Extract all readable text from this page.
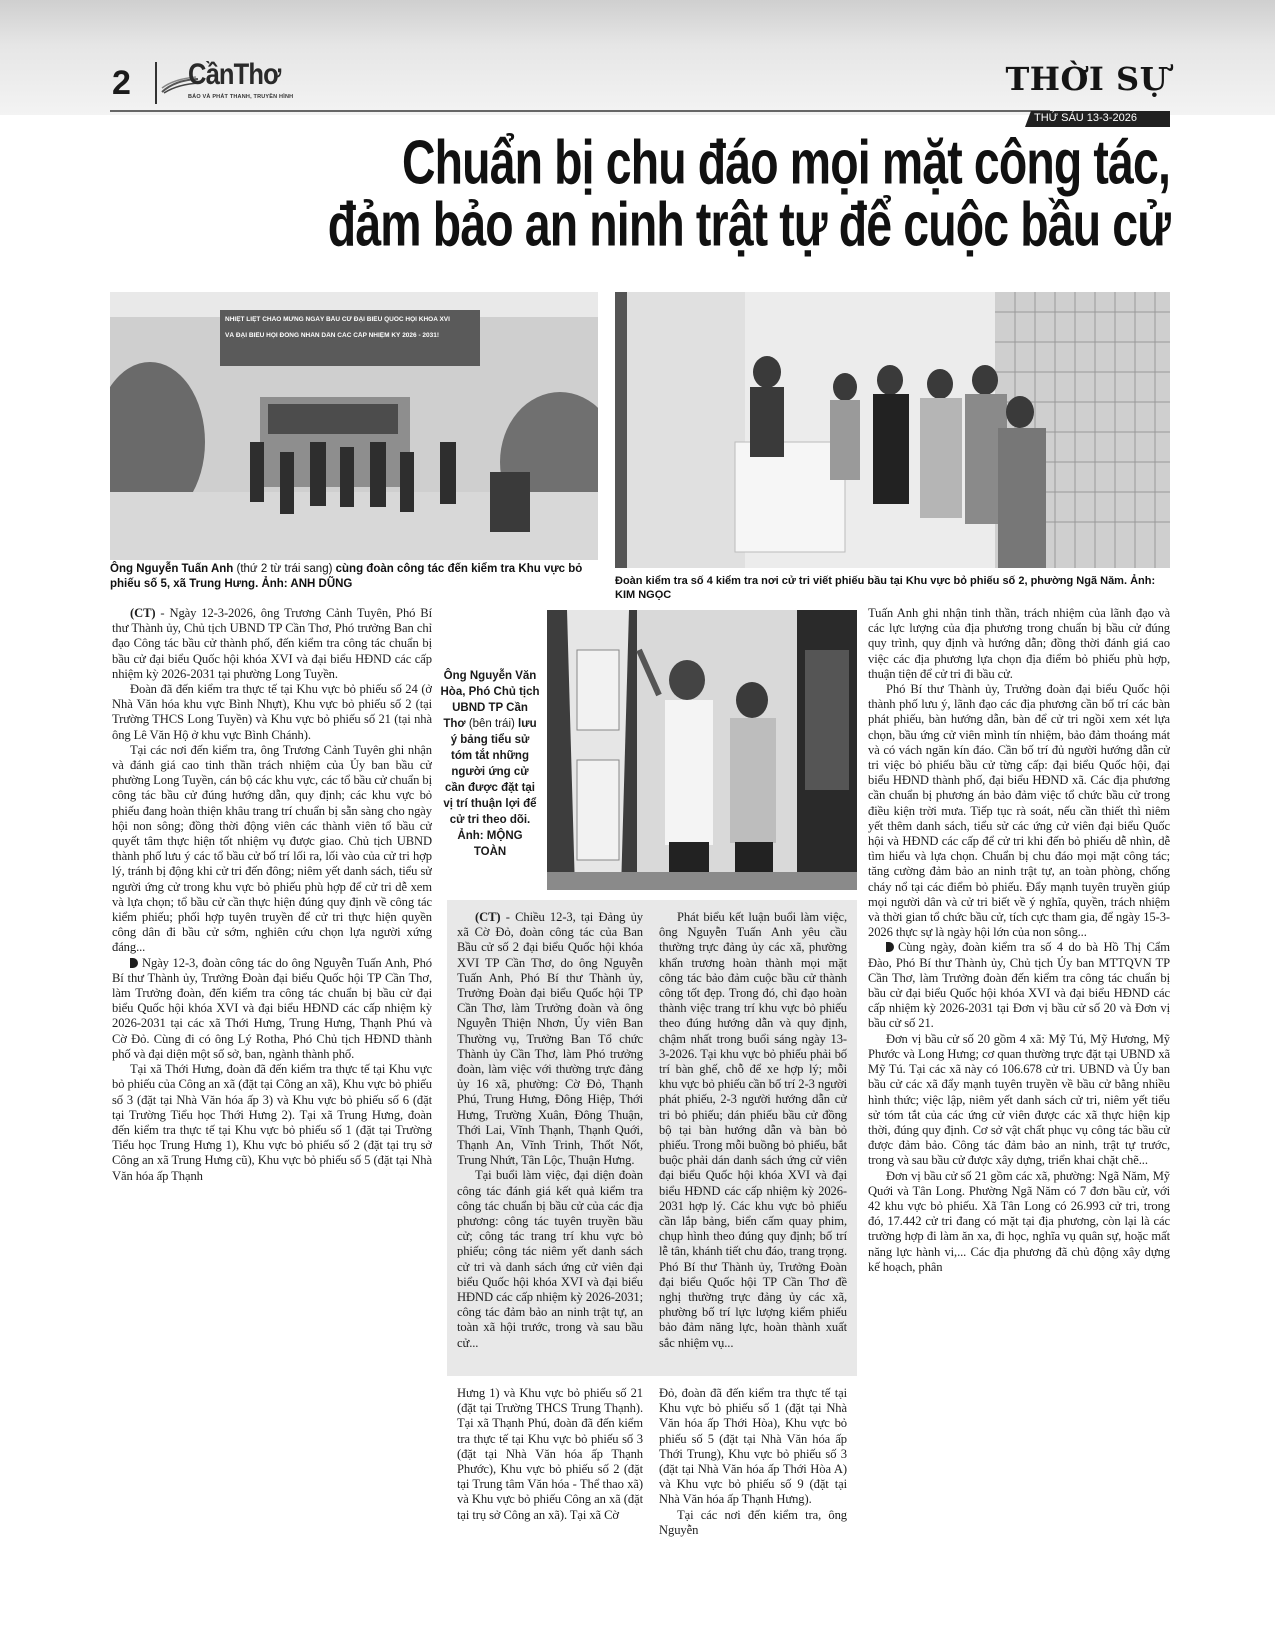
2 CầnThơ
BÁO VÀ PHÁT THANH, TRUYỀN HÌNH	THỜI SỰ
THỨ SÁU 13-3-2026
Chuẩn bị chu đáo mọi mặt công tác,
đảm bảo an ninh trật tự để cuộc bầu cử
NHIỆT LIỆT CHÀO MỪNG NGÀY BẦU CỬ ĐẠI BIỂU QUỐC HỘI KHÓA XVI
VÀ ĐẠI BIỂU HỘI ĐỒNG NHÂN DÂN CÁC CẤP NHIỆM KỲ 2026 - 2031!
Ông Nguyễn Tuấn Anh (thứ 2 từ trái sang) cùng đoàn công tác đến kiểm tra Khu vực bỏ phiếu số 5, xã Trung Hưng. Ảnh: ANH DŨNG	Đoàn kiểm tra số 4 kiểm tra nơi cử tri viết phiếu bầu tại Khu vực bỏ phiếu số 2, phường Ngã Năm. Ảnh: KIM NGỌC
Ông Nguyễn Văn Hòa, Phó Chủ tịch UBND TP Cần Thơ (bên trái) lưu ý bảng tiểu sử tóm tắt những người ứng cử cần được đặt tại vị trí thuận lợi để cử tri theo dõi. Ảnh: MỘNG TOÀN

(CT) - Ngày 12-3-2026, ông Trương Cảnh Tuyên, Phó Bí thư Thành ủy, Chủ tịch UBND TP Cần Thơ, Phó trưởng Ban chỉ đạo Công tác bầu cử thành phố, đến kiểm tra công tác chuẩn bị bầu cử đại biểu Quốc hội khóa XVI và đại biểu HĐND các cấp nhiệm kỳ 2026-2031 tại phường Long Tuyền.

Đoàn đã đến kiểm tra thực tế tại Khu vực bỏ phiếu số 24 (ở Nhà Văn hóa khu vực Bình Nhựt), Khu vực bỏ phiếu số 2 (tại Trường THCS Long Tuyền) và Khu vực bỏ phiếu số 21 (tại nhà ông Lê Văn Hộ ở khu vực Bình Chánh).

Tại các nơi đến kiểm tra, ông Trương Cảnh Tuyên ghi nhận và đánh giá cao tinh thần trách nhiệm của Ủy ban bầu cử phường Long Tuyền, cán bộ các khu vực, các tổ bầu cử chuẩn bị công tác bầu cử đúng hướng dẫn, quy định; các khu vực bỏ phiếu đang hoàn thiện khâu trang trí chuẩn bị sẵn sàng cho ngày hội non sông; đồng thời động viên các thành viên tổ bầu cử quyết tâm thực hiện tốt nhiệm vụ được giao. Chủ tịch UBND thành phố lưu ý các tổ bầu cử bố trí lối ra, lối vào của cử tri hợp lý, tránh bị động khi cử tri đến đông; niêm yết danh sách, tiểu sử người ứng cử trong khu vực bỏ phiếu phù hợp để cử tri dễ xem và lựa chọn; tổ bầu cử cần thực hiện đúng quy định về công tác kiểm phiếu; phối hợp tuyên truyền để cử tri thực hiện quyền công dân đi bầu cử sớm, nghiên cứu chọn lựa người xứng đáng...

Ngày 12-3, đoàn công tác do ông Nguyễn Tuấn Anh, Phó Bí thư Thành ủy, Trưởng Đoàn đại biểu Quốc hội TP Cần Thơ, làm Trưởng đoàn, đến kiểm tra công tác chuẩn bị bầu cử đại biểu Quốc hội khóa XVI và đại biểu HĐND các cấp nhiệm kỳ 2026-2031 tại các xã Thới Hưng, Trung Hưng, Thạnh Phú và Cờ Đỏ. Cùng đi có ông Lý Rotha, Phó Chủ tịch HĐND thành phố và đại diện một số sở, ban, ngành thành phố.

Tại xã Thới Hưng, đoàn đã đến kiểm tra thực tế tại Khu vực bỏ phiếu của Công an xã (đặt tại Công an xã), Khu vực bỏ phiếu số 3 (đặt tại Nhà Văn hóa ấp 3) và Khu vực bỏ phiếu số 6 (đặt tại Trường Tiểu học Thới Hưng 2). Tại xã Trung Hưng, đoàn đến kiểm tra thực tế tại Khu vực bỏ phiếu số 1 (đặt tại Trường Tiểu học Trung Hưng 1), Khu vực bỏ phiếu số 2 (đặt tại trụ sở Công an xã Trung Hưng cũ), Khu vực bỏ phiếu số 5 (đặt tại Nhà Văn hóa ấp Thạnh

(CT) - Chiều 12-3, tại Đảng ủy xã Cờ Đỏ, đoàn công tác của Ban Bầu cử số 2 đại biểu Quốc hội khóa XVI TP Cần Thơ, do ông Nguyễn Tuấn Anh, Phó Bí thư Thành ủy, Trưởng Đoàn đại biểu Quốc hội TP Cần Thơ, làm Trưởng đoàn và ông Nguyễn Thiện Nhơn, Ủy viên Ban Thường vụ, Trưởng Ban Tổ chức Thành ủy Cần Thơ, làm Phó trưởng đoàn, làm việc với thường trực đảng ủy 16 xã, phường: Cờ Đỏ, Thạnh Phú, Trung Hưng, Đông Hiệp, Thới Hưng, Trường Xuân, Đông Thuận, Thới Lai, Vĩnh Thạnh, Thạnh Quới, Thạnh An, Vĩnh Trinh, Thốt Nốt, Trung Nhứt, Tân Lộc, Thuận Hưng.

Tại buổi làm việc, đại diện đoàn công tác đánh giá kết quả kiểm tra công tác chuẩn bị bầu cử của các địa phương: công tác tuyên truyền bầu cử; công tác trang trí khu vực bỏ phiếu; công tác niêm yết danh sách cử tri và danh sách ứng cử viên đại biểu Quốc hội khóa XVI và đại biểu HĐND các cấp nhiệm kỳ 2026-2031; công tác đảm bảo an ninh trật tự, an toàn xã hội trước, trong và sau bầu cử...

Phát biểu kết luận buổi làm việc, ông Nguyễn Tuấn Anh yêu cầu thường trực đảng ủy các xã, phường khẩn trương hoàn thành mọi mặt công tác bảo đảm cuộc bầu cử thành công tốt đẹp. Trong đó, chỉ đạo hoàn thành việc trang trí khu vực bỏ phiếu theo đúng hướng dẫn và quy định, chậm nhất trong buổi sáng ngày 13-3-2026. Tại khu vực bỏ phiếu phải bố trí bàn ghế, chỗ để xe hợp lý; mỗi khu vực bỏ phiếu cần bố trí 2-3 người phát phiếu, 2-3 người hướng dẫn cử tri bỏ phiếu; dán phiếu bầu cử đồng bộ tại bàn hướng dẫn và bàn bỏ phiếu. Trong mỗi buồng bỏ phiếu, bắt buộc phải dán danh sách ứng cử viên đại biểu Quốc hội khóa XVI và đại biểu HĐND các cấp nhiệm kỳ 2026-2031 hợp lý. Các khu vực bỏ phiếu cần lắp bảng, biển cấm quay phim, chụp hình theo đúng quy định; bố trí lễ tân, khánh tiết chu đáo, trang trọng. Phó Bí thư Thành ủy, Trưởng Đoàn đại biểu Quốc hội TP Cần Thơ đề nghị thường trực đảng ủy các xã, phường bố trí lực lượng kiểm phiếu bảo đảm năng lực, hoàn thành xuất sắc nhiệm vụ...

Hưng 1) và Khu vực bỏ phiếu số 21 (đặt tại Trường THCS Trung Thạnh). Tại xã Thạnh Phú, đoàn đã đến kiểm tra thực tế tại Khu vực bỏ phiếu số 3 (đặt tại Nhà Văn hóa ấp Thạnh Phước), Khu vực bỏ phiếu số 2 (đặt tại Trung tâm Văn hóa - Thể thao xã) và Khu vực bỏ phiếu Công an xã (đặt tại trụ sở Công an xã). Tại xã Cờ
Đỏ, đoàn đã đến kiểm tra thực tế tại Khu vực bỏ phiếu số 1 (đặt tại Nhà Văn hóa ấp Thới Hòa), Khu vực bỏ phiếu số 5 (đặt tại Nhà Văn hóa ấp Thới Trung), Khu vực bỏ phiếu số 3 (đặt tại Nhà Văn hóa ấp Thới Hòa A) và Khu vực bỏ phiếu số 9 (đặt tại Nhà Văn hóa ấp Thạnh Hưng).

Tại các nơi đến kiểm tra, ông Nguyễn

Tuấn Anh ghi nhận tinh thần, trách nhiệm của lãnh đạo và các lực lượng của địa phương trong chuẩn bị bầu cử đúng quy trình, quy định và hướng dẫn; đồng thời đánh giá cao việc các địa phương lựa chọn địa điểm bỏ phiếu phù hợp, thuận tiện để cử tri đi bầu cử.

Phó Bí thư Thành ủy, Trưởng đoàn đại biểu Quốc hội thành phố lưu ý, lãnh đạo các địa phương cần bố trí các bàn phát phiếu, bàn hướng dẫn, bàn để cử tri ngồi xem xét lựa chọn, bầu ứng cử viên mình tín nhiệm, bảo đảm thoáng mát và có vách ngăn kín đáo. Cần bố trí đủ người hướng dẫn cử tri việc bỏ phiếu bầu cử từng cấp: đại biểu Quốc hội, đại biểu HĐND thành phố, đại biểu HĐND xã. Các địa phương cần chuẩn bị phương án bảo đảm việc tổ chức bầu cử trong điều kiện trời mưa. Tiếp tục rà soát, nếu cần thiết thì niêm yết thêm danh sách, tiểu sử các ứng cử viên đại biểu Quốc hội và HĐND các cấp để cử tri khi đến bỏ phiếu dễ nhìn, dễ tìm hiểu và lựa chọn. Chuẩn bị chu đáo mọi mặt công tác; tăng cường đảm bảo an ninh trật tự, an toàn phòng, chống cháy nổ tại các điểm bỏ phiếu. Đẩy mạnh tuyên truyền giúp mọi người dân và cử tri biết về ý nghĩa, quyền, trách nhiệm và thời gian tổ chức bầu cử, tích cực tham gia, để ngày 15-3-2026 thực sự là ngày hội lớn của non sông...

Cùng ngày, đoàn kiểm tra số 4 do bà Hồ Thị Cẩm Đào, Phó Bí thư Thành ủy, Chủ tịch Ủy ban MTTQVN TP Cần Thơ, làm Trưởng đoàn đến kiểm tra công tác chuẩn bị bầu cử đại biểu Quốc hội khóa XVI và đại biểu HĐND các cấp nhiệm kỳ 2026-2031 tại Đơn vị bầu cử số 20 và Đơn vị bầu cử số 21.

Đơn vị bầu cử số 20 gồm 4 xã: Mỹ Tú, Mỹ Hương, Mỹ Phước và Long Hưng; cơ quan thường trực đặt tại UBND xã Mỹ Tú. Tại các xã này có 106.678 cử tri. UBND và Ủy ban bầu cử các xã đẩy mạnh tuyên truyền về bầu cử bằng nhiều hình thức; việc lập, niêm yết danh sách cử tri, niêm yết tiểu sử tóm tắt của các ứng cử viên được các xã thực hiện kịp thời, đúng quy định. Cơ sở vật chất phục vụ công tác bầu cử được đảm bảo. Công tác đảm bảo an ninh, trật tự trước, trong và sau bầu cử được xây dựng, triển khai chặt chẽ...

Đơn vị bầu cử số 21 gồm các xã, phường: Ngã Năm, Mỹ Quới và Tân Long. Phường Ngã Năm có 7 đơn bầu cử, với 42 khu vực bỏ phiếu. Xã Tân Long có 26.993 cử tri, trong đó, 17.442 cử tri đang có mặt tại địa phương, còn lại là các trường hợp đi làm ăn xa, đi học, nghĩa vụ quân sự, hoặc mất năng lực hành vi,... Các địa phương đã chủ động xây dựng kế hoạch, phân
